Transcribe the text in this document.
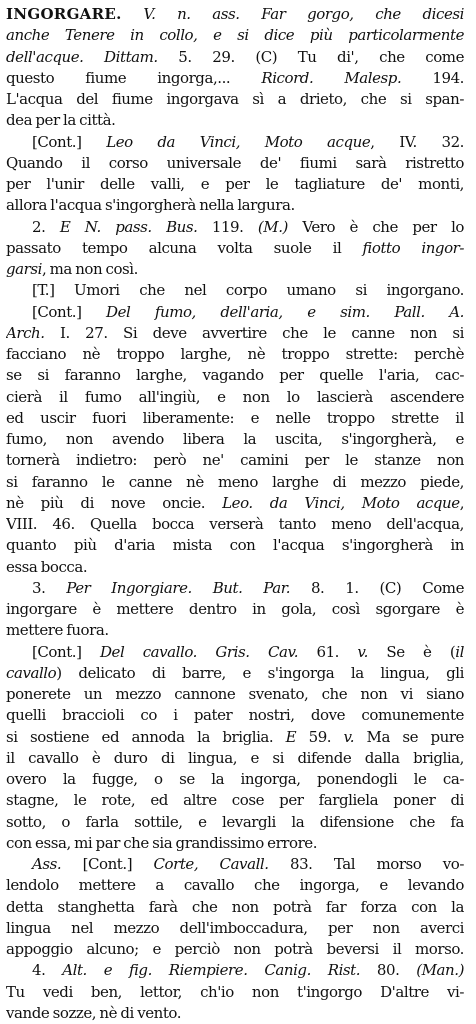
INGORGARE. V. n. ass. Far gorgo, che dicesi
anche Tenere in collo, e si dice più particolarmente
dell'acque. Dittam. 5. 29. (C) Tu di', che come
questo fiume ingorga,... Ricord. Malesp. 194.
L'acqua del fiume ingorgava sì a drieto, che si span-
dea per la città.
[Cont.] Leo da Vinci, Moto acque, IV. 32.
Quando il corso universale de' fiumi sarà ristretto
per l'unir delle valli, e per le tagliature de' monti,
allora l'acqua s'ingorgherà nella largura.
2. E N. pass. Bus. 119. (M.) Vero è che per lo
passato tempo alcuna volta suole il fiotto ingor-
garsi, ma non così.
[T.] Umori che nel corpo umano si ingorgano.
[Cont.] Del fumo, dell'aria, e sim. Pall. A.
Arch. I. 27. Si deve avvertire che le canne non si
facciano nè troppo larghe, nè troppo strette: perchè
se si faranno larghe, vagando per quelle l'aria, cac-
cierà il fumo all'ingiù, e non lo lascierà ascendere
ed uscir fuori liberamente: e nelle troppo strette il
fumo, non avendo libera la uscita, s'ingorgherà, e
tornerà indietro: però ne' camini per le stanze non
si faranno le canne nè meno larghe di mezzo piede,
nè più di nove oncie. Leo. da Vinci, Moto acque,
VIII. 46. Quella bocca verserà tanto meno dell'acqua,
quanto più d'aria mista con l'acqua s'ingorgherà in
essa bocca.
3. Per Ingorgiare. But. Par. 8. 1. (C) Come
ingorgare è mettere dentro in gola, così sgorgare è
mettere fuora.
[Cont.] Del cavallo. Gris. Cav. 61. v. Se è (il
cavallo) delicato di barre, e s'ingorga la lingua, gli
ponerete un mezzo cannone svenato, che non vi siano
quelli braccioli co i pater nostri, dove comunemente
si sostiene ed annoda la briglia. E 59. v. Ma se pure
il cavallo è duro di lingua, e si difende dalla briglia,
overo la fugge, o se la ingorga, ponendogli le ca-
stagne, le rote, ed altre cose per fargliela poner di
sotto, o farla sottile, e levargli la difensione che fa
con essa, mi par che sia grandissimo errore.
Ass. [Cont.] Corte, Cavall. 83. Tal morso vo-
lendolo mettere a cavallo che ingorga, e levando
detta stanghetta farà che non potrà far forza con la
lingua nel mezzo dell'imboccadura, per non averci
appoggio alcuno; e perciò non potrà beversi il morso.
4. Alt. e fig. Riempiere. Canig. Rist. 80. (Man.)
Tu vedi ben, lettor, ch'io non t'ingorgo D'altre vi-
vande sozze, nè di vento.
